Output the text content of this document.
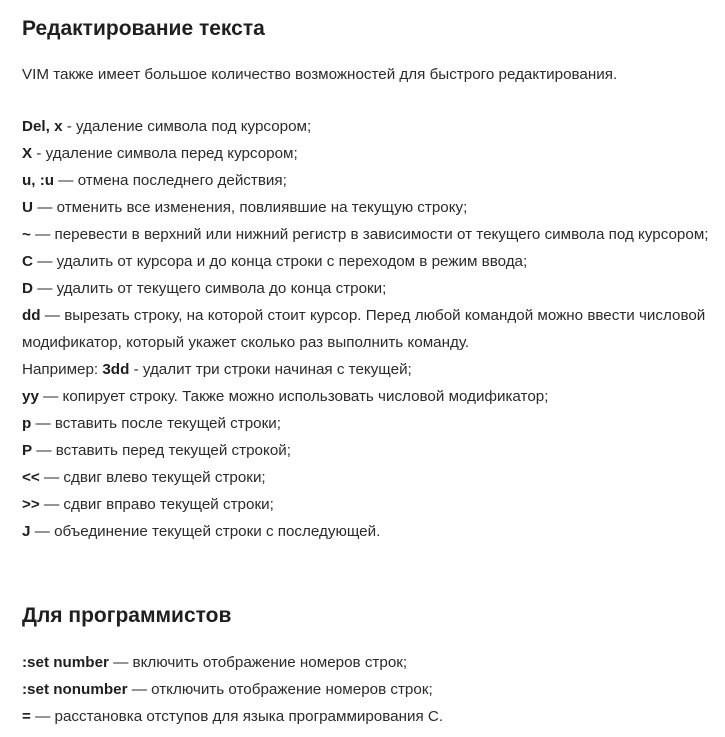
Редактирование текста
VIM также имеет большое количество возможностей для быстрого редактирования.
Del, x - удаление символа под курсором;
X - удаление символа перед курсором;
u, :u — отмена последнего действия;
U — отменить все изменения, повлиявшие на текущую строку;
~ — перевести в верхний или нижний регистр в зависимости от текущего символа под курсором;
C — удалить от курсора и до конца строки с переходом в режим ввода;
D — удалить от текущего символа до конца строки;
dd — вырезать строку, на которой стоит курсор. Перед любой командой можно ввести числовой модификатор, который укажет сколько раз выполнить команду.
Например: 3dd - удалит три строки начиная с текущей;
yy — копирует строку. Также можно использовать числовой модификатор;
p — вставить после текущей строки;
P — вставить перед текущей строкой;
<< — сдвиг влево текущей строки;
>> — сдвиг вправо текущей строки;
J — объединение текущей строки с последующей.
Для программистов
:set number — включить отображение номеров строк;
:set nonumber — отключить отображение номеров строк;
= — расстановка отступов для языка программирования C.
